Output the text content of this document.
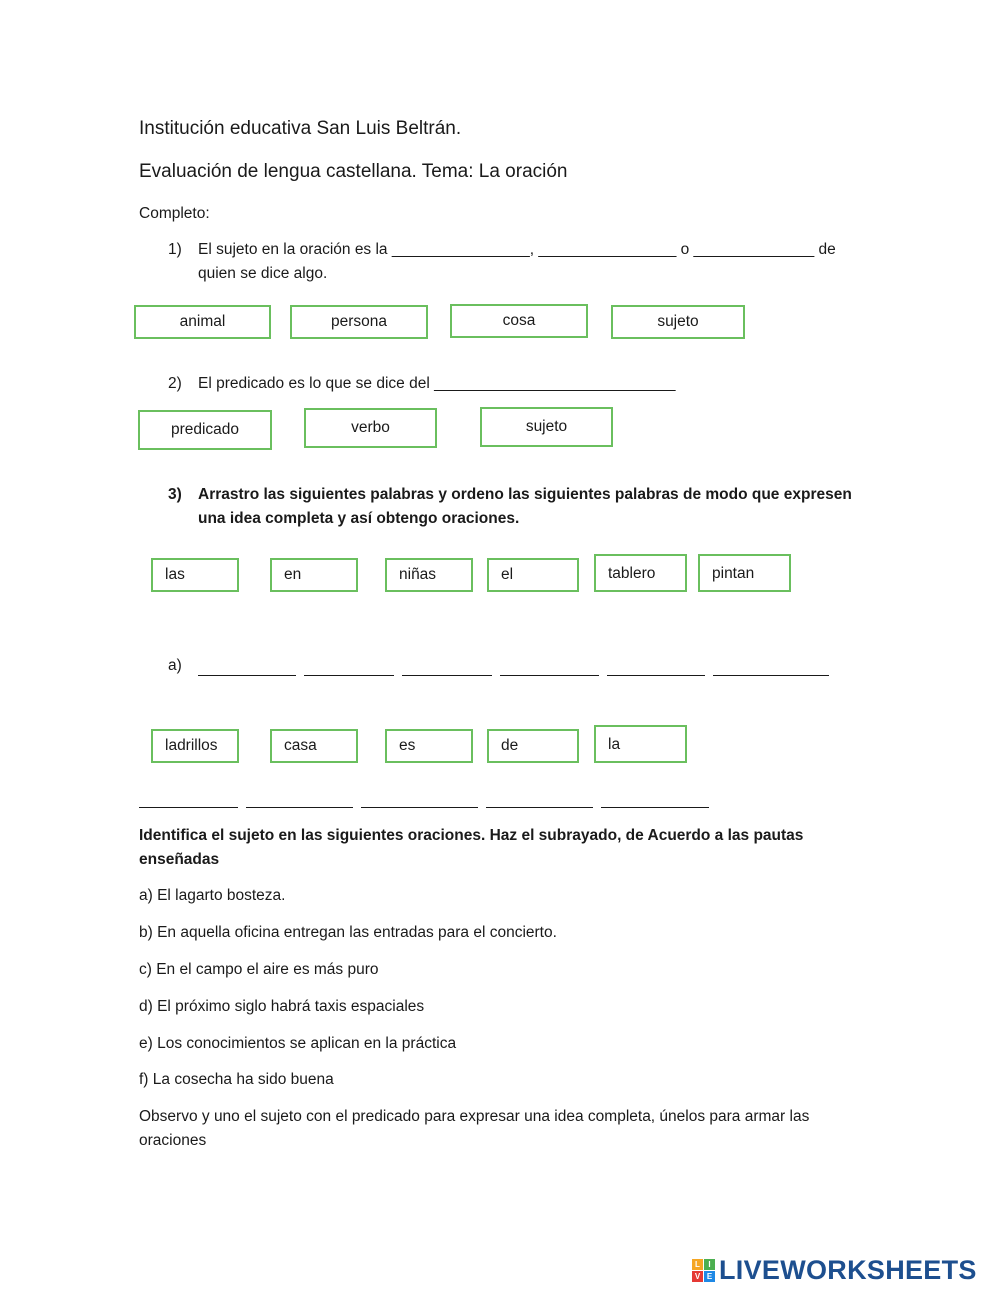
Institución educativa San Luis Beltrán.
Evaluación de lengua castellana. Tema: La oración
Completo:
1) El sujeto en la oración es la ________________, ________________ o ______________ de
quien se dice algo.
animal	persona	cosa	sujeto
2) El predicado es lo que se dice del ____________________________
predicado	verbo	sujeto
3) Arrastro las siguientes palabras y ordeno las siguientes palabras de modo que expresen
una idea completa y así obtengo oraciones.
las	en	niñas	el	tablero	pintan
a)
ladrillos	casa	es	de	la
Identifica el sujeto en las siguientes oraciones. Haz el subrayado, de Acuerdo a las pautas
enseñadas
a) El lagarto bosteza.
b) En aquella oficina entregan las entradas para el concierto.
c) En el campo el aire es más puro
d) El próximo siglo habrá taxis espaciales
e) Los conocimientos se aplican en la práctica
f) La cosecha ha sido buena
Observo y uno el sujeto con el predicado para expresar una idea completa, únelos para armar las
oraciones
L	I
V E LIVEWORKSHEETS
